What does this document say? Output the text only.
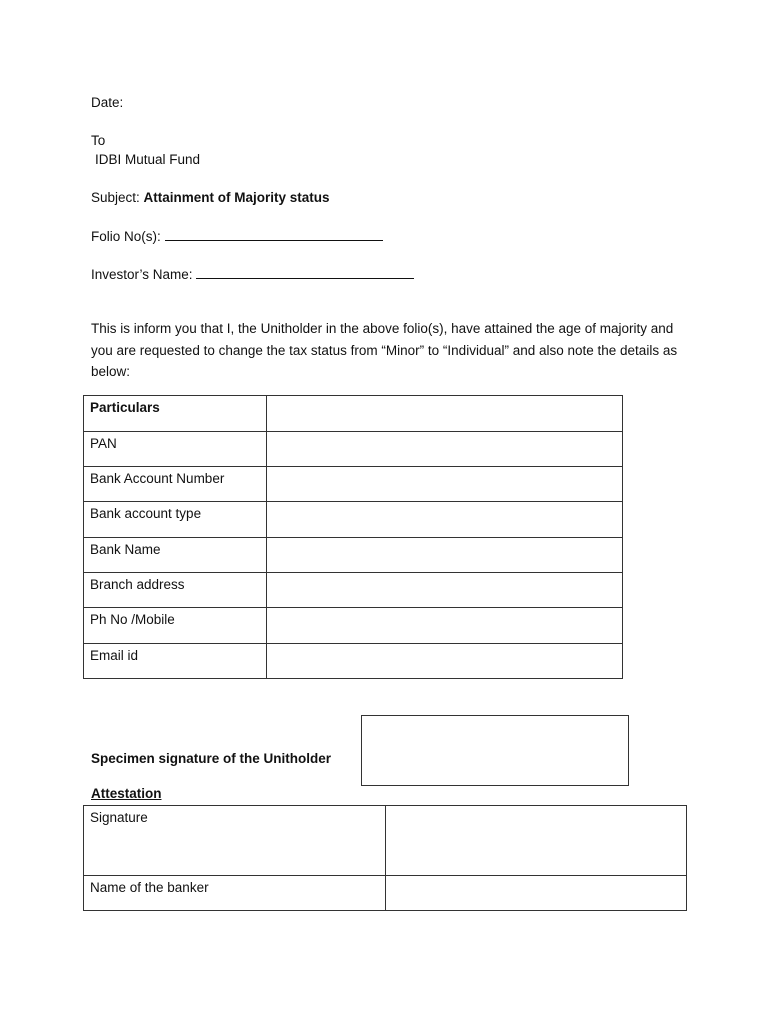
Date:
To
IDBI Mutual Fund
Subject: Attainment of Majority status
Folio No(s):
Investor’s Name:
This is inform you that I, the Unitholder in the above folio(s), have attained the age of majority and you are requested to change the tax status from “Minor” to “Individual” and also note the details as below:
Particulars	
PAN	
Bank Account Number	
Bank account type	
Bank Name	
Branch address	
Ph No /Mobile	
Email id	
Specimen signature of the Unitholder
Attestation
Signature	
Name of the banker	
